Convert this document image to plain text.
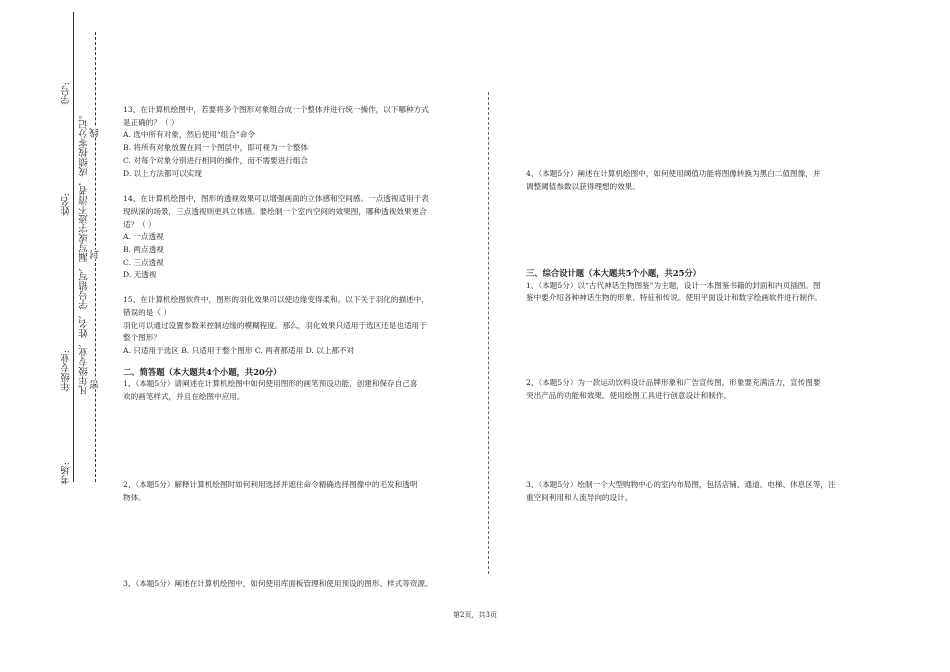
学号:
姓名:
年级专业:
考场:
凡年级专业、姓名、学号错写、漏写或字迹不清者，成绩按零分记。 密
封
线

13、在计算机绘图中，若要将多个图形对象组合成一个整体并进行统一操作，以下哪种方式

是正确的？（ ）

A. 选中所有对象，然后使用“组合”命令

B. 将所有对象放置在同一个图层中，即可视为一个整体

C. 对每个对象分别进行相同的操作，而不需要进行组合

D. 以上方法都可以实现

14、在计算机绘图中，图形的透视效果可以增强画面的立体感和空间感。一点透视适用于表

现纵深的场景，三点透视则更具立体感。要绘制一个室内空间的效果图，哪种透视效果更合

适？（ ）

A. 一点透视

B. 两点透视

C. 三点透视

D. 无透视

15、在计算机绘图软件中，图形的羽化效果可以使边缘变得柔和。以下关于羽化的描述中，

错误的是（ ）

羽化可以通过设置参数来控制边缘的模糊程度。那么，羽化效果只适用于选区还是也适用于

整个图形？

A. 只适用于选区 B. 只适用于整个图形 C. 两者都适用 D. 以上都不对

二、简答题（本大题共4个小题，共20分）

1、（本题5分）请阐述在计算机绘图中如何使用图形的画笔预设功能，创建和保存自己喜

欢的画笔样式，并且在绘图中应用。

2、（本题5分）解释计算机绘图时如何利用选择并遮住命令精确选择图像中的毛发和透明

物体。

3、（本题5分）阐述在计算机绘图中，如何使用库面板管理和使用预设的图形、样式等资源。

4、（本题5分）阐述在计算机绘图中，如何使用阈值功能将图像转换为黑白二值图像，并

调整阈值参数以获得理想的效果。

三、综合设计题（本大题共5个小题，共25分）

1、（本题5分）以“古代神话生物图鉴”为主题，设计一本图鉴书籍的封面和内页插图。图

鉴中要介绍各种神话生物的形象、特征和传说。使用平面设计和数字绘画软件进行制作。

2、（本题5分）为一款运动饮料设计品牌形象和广告宣传图，形象要充满活力，宣传图要

突出产品的功能和效果。使用绘图工具进行创意设计和制作。

3、（本题5分）绘制一个大型购物中心的室内布局图，包括店铺、通道、电梯、休息区等，注

重空间利用和人流导向的设计。

第2页，共3页
